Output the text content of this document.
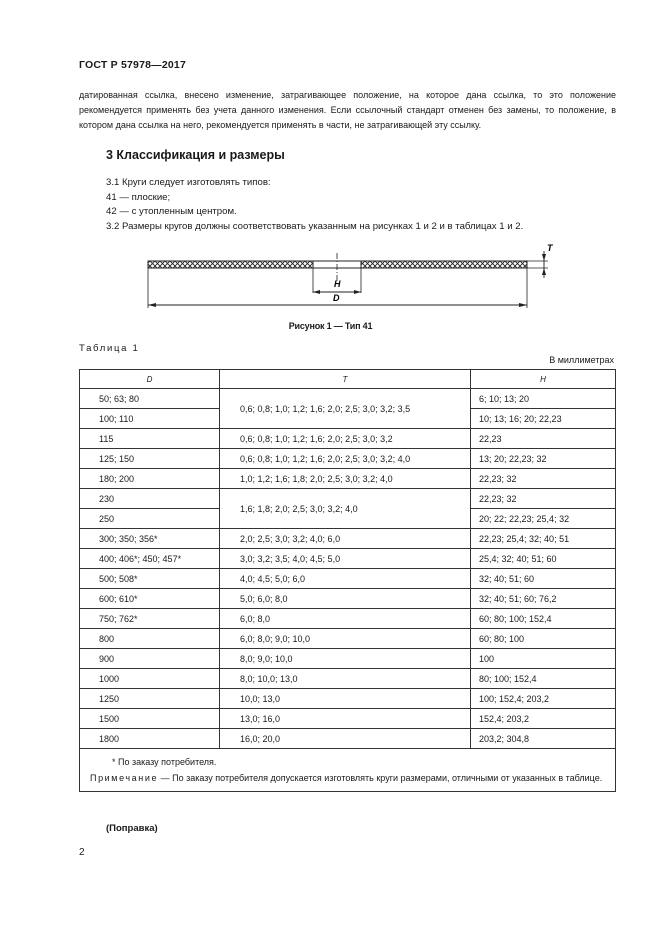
ГОСТ Р 57978—2017

датированная ссылка, внесено изменение, затрагивающее положение, на которое дана ссылка, то это положение рекомендуется применять без учета данного изменения. Если ссылочный стандарт отменен без замены, то положение, в котором дана ссылка на него, рекомендуется применять в части, не затрагивающей эту ссылку.

3 Классификация и размеры
3.1 Круги следует изготовлять типов:
41 — плоские;
42 — с утопленным центром.
3.2 Размеры кругов должны соответствовать указанным на рисунках 1 и 2 и в таблицах 1 и 2.
H
D
T
Рисунок 1 — Тип 41
Таблица 1
В миллиметрах
D	T	H
50; 63; 80	0,6; 0,8; 1,0; 1,2; 1,6; 2,0; 2,5; 3,0; 3,2; 3,5	6; 10; 13; 20
100; 110		10; 13; 16; 20; 22,23
115	0,6; 0,8; 1,0; 1,2; 1,6; 2,0; 2,5; 3,0; 3,2	22,23
125; 150	0,6; 0,8; 1,0; 1,2; 1,6; 2,0; 2,5; 3,0; 3,2; 4,0	13; 20; 22,23; 32
180; 200	1,0; 1,2; 1,6; 1,8; 2,0; 2,5; 3,0; 3,2; 4,0	22,23; 32
230	1,6; 1,8; 2,0; 2,5; 3,0; 3,2; 4,0	22,23; 32
250		20; 22; 22,23; 25,4; 32
300; 350; 356*	2,0; 2,5; 3,0; 3,2; 4,0; 6,0	22,23; 25,4; 32; 40; 51
400; 406*; 450; 457*	3,0; 3,2; 3,5; 4,0; 4,5; 5,0	25,4; 32; 40; 51; 60
500; 508*	4,0; 4,5; 5,0; 6,0	32; 40; 51; 60
600; 610*	5,0; 6,0; 8,0	32; 40; 51; 60; 76,2
750; 762*	6,0; 8,0	60; 80; 100; 152,4
800	6,0; 8,0; 9,0; 10,0	60; 80; 100
900	8,0; 9,0; 10,0	100
1000	8,0; 10,0; 13,0	80; 100; 152,4
1250	10,0; 13,0	100; 152,4; 203,2
1500	13,0; 16,0	152,4; 203,2
1800	16,0; 20,0	203,2; 304,8

* По заказу потребителя.
Примечание — По заказу потребителя допускается изготовлять круги размерами, отличными от указанных в таблице.		
(Поправка)
2
